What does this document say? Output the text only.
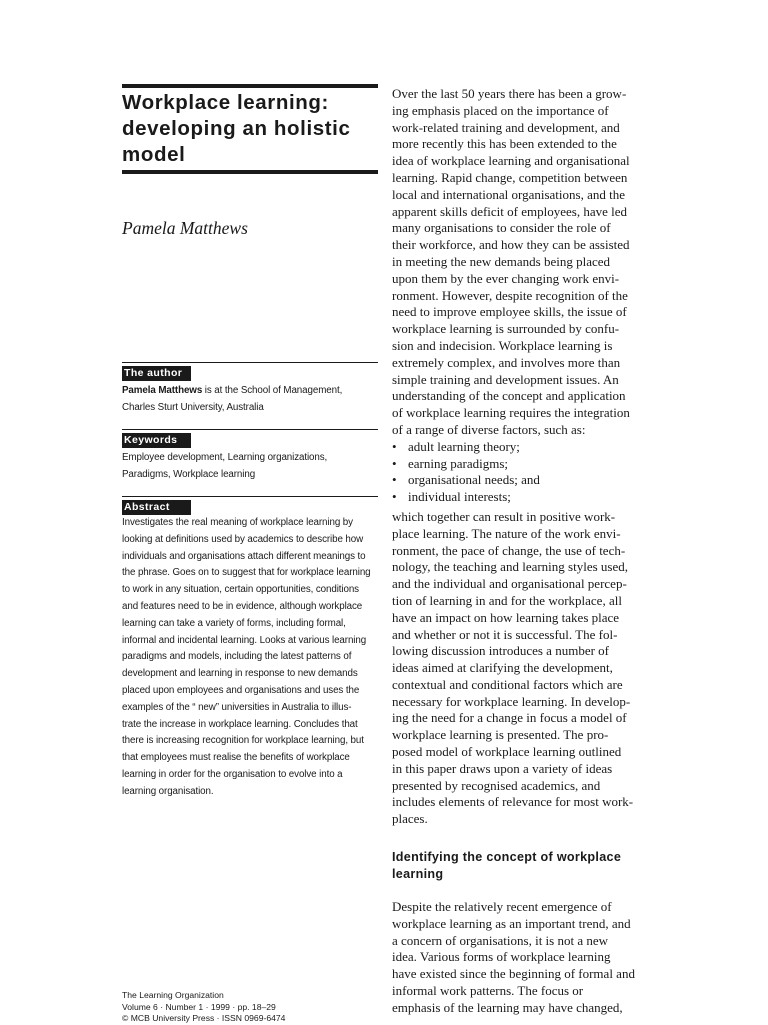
Workplace learning:
developing an holistic
model

Pamela Matthews

The author
Pamela Matthews is at the School of Management,
Charles Sturt University, Australia
Keywords
Employee development, Learning organizations,
Paradigms, Workplace learning
Abstract
Investigates the real meaning of workplace learning by
looking at definitions used by academics to describe how
individuals and organisations attach different meanings to
the phrase. Goes on to suggest that for workplace learning
to work in any situation, certain opportunities, conditions
and features need to be in evidence, although workplace
learning can take a variety of forms, including formal,
informal and incidental learning. Looks at various learning
paradigms and models, including the latest patterns of
development and learning in response to new demands
placed upon employees and organisations and uses the
examples of the “ new” universities in Australia to illus-
trate the increase in workplace learning. Concludes that
there is increasing recognition for workplace learning, but
that employees must realise the benefits of workplace
learning in order for the organisation to evolve into a
learning organisation.
The Learning Organization
Volume 6 · Number 1 · 1999 · pp. 18–29
© MCB University Press · ISSN 0969-6474
Over the last 50 years there has been a grow-
ing emphasis placed on the importance of
work-related training and development, and
more recently this has been extended to the
idea of workplace learning and organisational
learning. Rapid change, competition between
local and international organisations, and the
apparent skills deficit of employees, have led
many organisations to consider the role of
their workforce, and how they can be assisted
in meeting the new demands being placed
upon them by the ever changing work envi-
ronment. However, despite recognition of the
need to improve employee skills, the issue of
workplace learning is surrounded by confu-
sion and indecision. Workplace learning is
extremely complex, and involves more than
simple training and development issues. An
understanding of the concept and application
of workplace learning requires the integration
of a range of diverse factors, such as:
• adult learning theory;
• earning paradigms;
• organisational needs; and
• individual interests;
which together can result in positive work-
place learning. The nature of the work envi-
ronment, the pace of change, the use of tech-
nology, the teaching and learning styles used,
and the individual and organisational percep-
tion of learning in and for the workplace, all
have an impact on how learning takes place
and whether or not it is successful. The fol-
lowing discussion introduces a number of
ideas aimed at clarifying the development,
contextual and conditional factors which are
necessary for workplace learning. In develop-
ing the need for a change in focus a model of
workplace learning is presented. The pro-
posed model of workplace learning outlined
in this paper draws upon a variety of ideas
presented by recognised academics, and
includes elements of relevance for most work-
places.
Identifying the concept of workplace
learning
Despite the relatively recent emergence of
workplace learning as an important trend, and
a concern of organisations, it is not a new
idea. Various forms of workplace learning
have existed since the beginning of formal and
informal work patterns. The focus or
emphasis of the learning may have changed,
